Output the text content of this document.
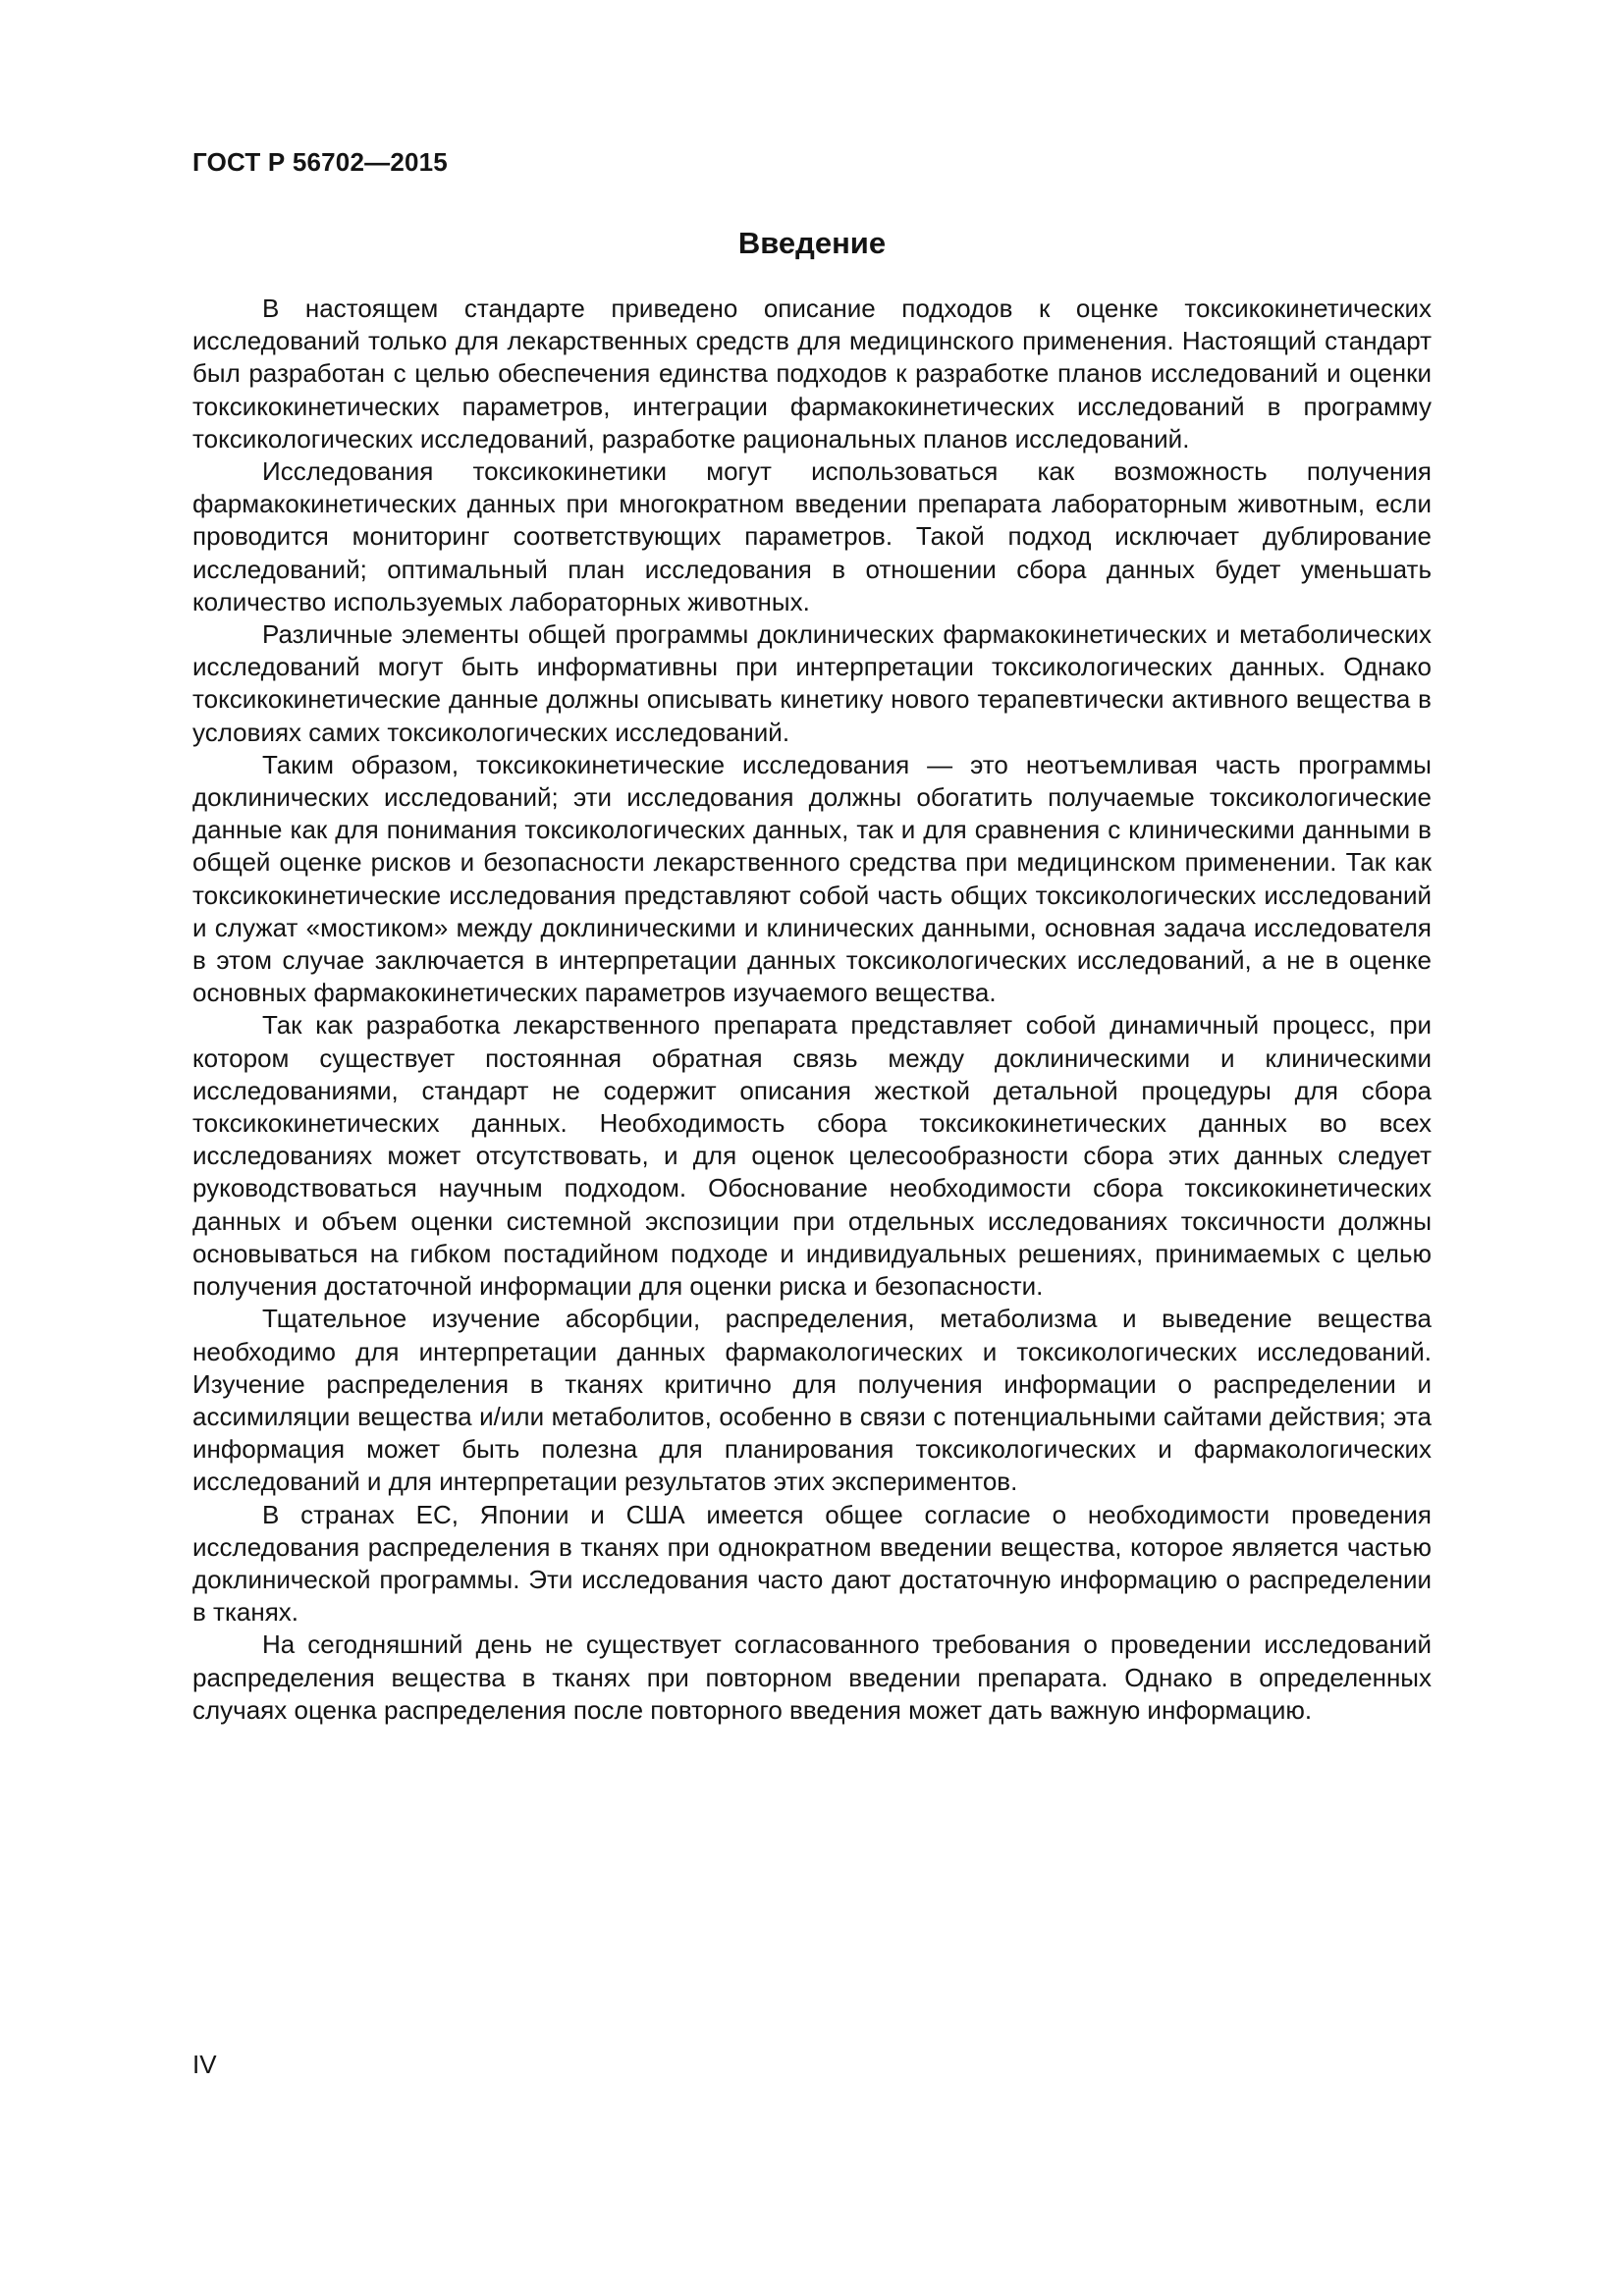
ГОСТ Р 56702—2015
Введение

В настоящем стандарте приведено описание подходов к оценке токсикокинетических исследований только для лекарственных средств для медицинского применения. Настоящий стандарт был разработан с целью обеспечения единства подходов к разработке планов исследований и оценки токсикокинетических параметров, интеграции фармакокинетических исследований в программу токсикологических исследований, разработке рациональных планов исследований.

Исследования токсикокинетики могут использоваться как возможность получения фармакокинетических данных при многократном введении препарата лабораторным животным, если проводится мониторинг соответствующих параметров. Такой подход исключает дублирование исследований; оптимальный план исследования в отношении сбора данных будет уменьшать количество используемых лабораторных животных.

Различные элементы общей программы доклинических фармакокинетических и метаболических исследований могут быть информативны при интерпретации токсикологических данных. Однако токсикокинетические данные должны описывать кинетику нового терапевтически активного вещества в условиях самих токсикологических исследований.

Таким образом, токсикокинетические исследования — это неотъемливая часть программы доклинических исследований; эти исследования должны обогатить получаемые токсикологические данные как для понимания токсикологических данных, так и для сравнения с клиническими данными в общей оценке рисков и безопасности лекарственного средства при медицинском применении. Так как токсикокинетические исследования представляют собой часть общих токсикологических исследований и служат «мостиком» между доклиническими и клинических данными, основная задача исследователя в этом случае заключается в интерпретации данных токсикологических исследований, а не в оценке основных фармакокинетических параметров изучаемого вещества.

Так как разработка лекарственного препарата представляет собой динамичный процесс, при котором существует постоянная обратная связь между доклиническими и клиническими исследованиями, стандарт не содержит описания жесткой детальной процедуры для сбора токсикокинетических данных. Необходимость сбора токсикокинетических данных во всех исследованиях может отсутствовать, и для оценок целесообразности сбора этих данных следует руководствоваться научным подходом. Обоснование необходимости сбора токсикокинетических данных и объем оценки системной экспозиции при отдельных исследованиях токсичности должны основываться на гибком постадийном подходе и индивидуальных решениях, принимаемых с целью получения достаточной информации для оценки риска и безопасности.

Тщательное изучение абсорбции, распределения, метаболизма и выведение вещества необходимо для интерпретации данных фармакологических и токсикологических исследований. Изучение распределения в тканях критично для получения информации о распределении и ассимиляции вещества и/или метаболитов, особенно в связи с потенциальными сайтами действия; эта информация может быть полезна для планирования токсикологических и фармакологических исследований и для интерпретации результатов этих экспериментов.

В странах ЕС, Японии и США имеется общее согласие о необходимости проведения исследования распределения в тканях при однократном введении вещества, которое является частью доклинической программы. Эти исследования часто дают достаточную информацию о распределении в тканях.

На сегодняшний день не существует согласованного требования о проведении исследований распределения вещества в тканях при повторном введении препарата. Однако в определенных случаях оценка распределения после повторного введения может дать важную информацию.

IV
